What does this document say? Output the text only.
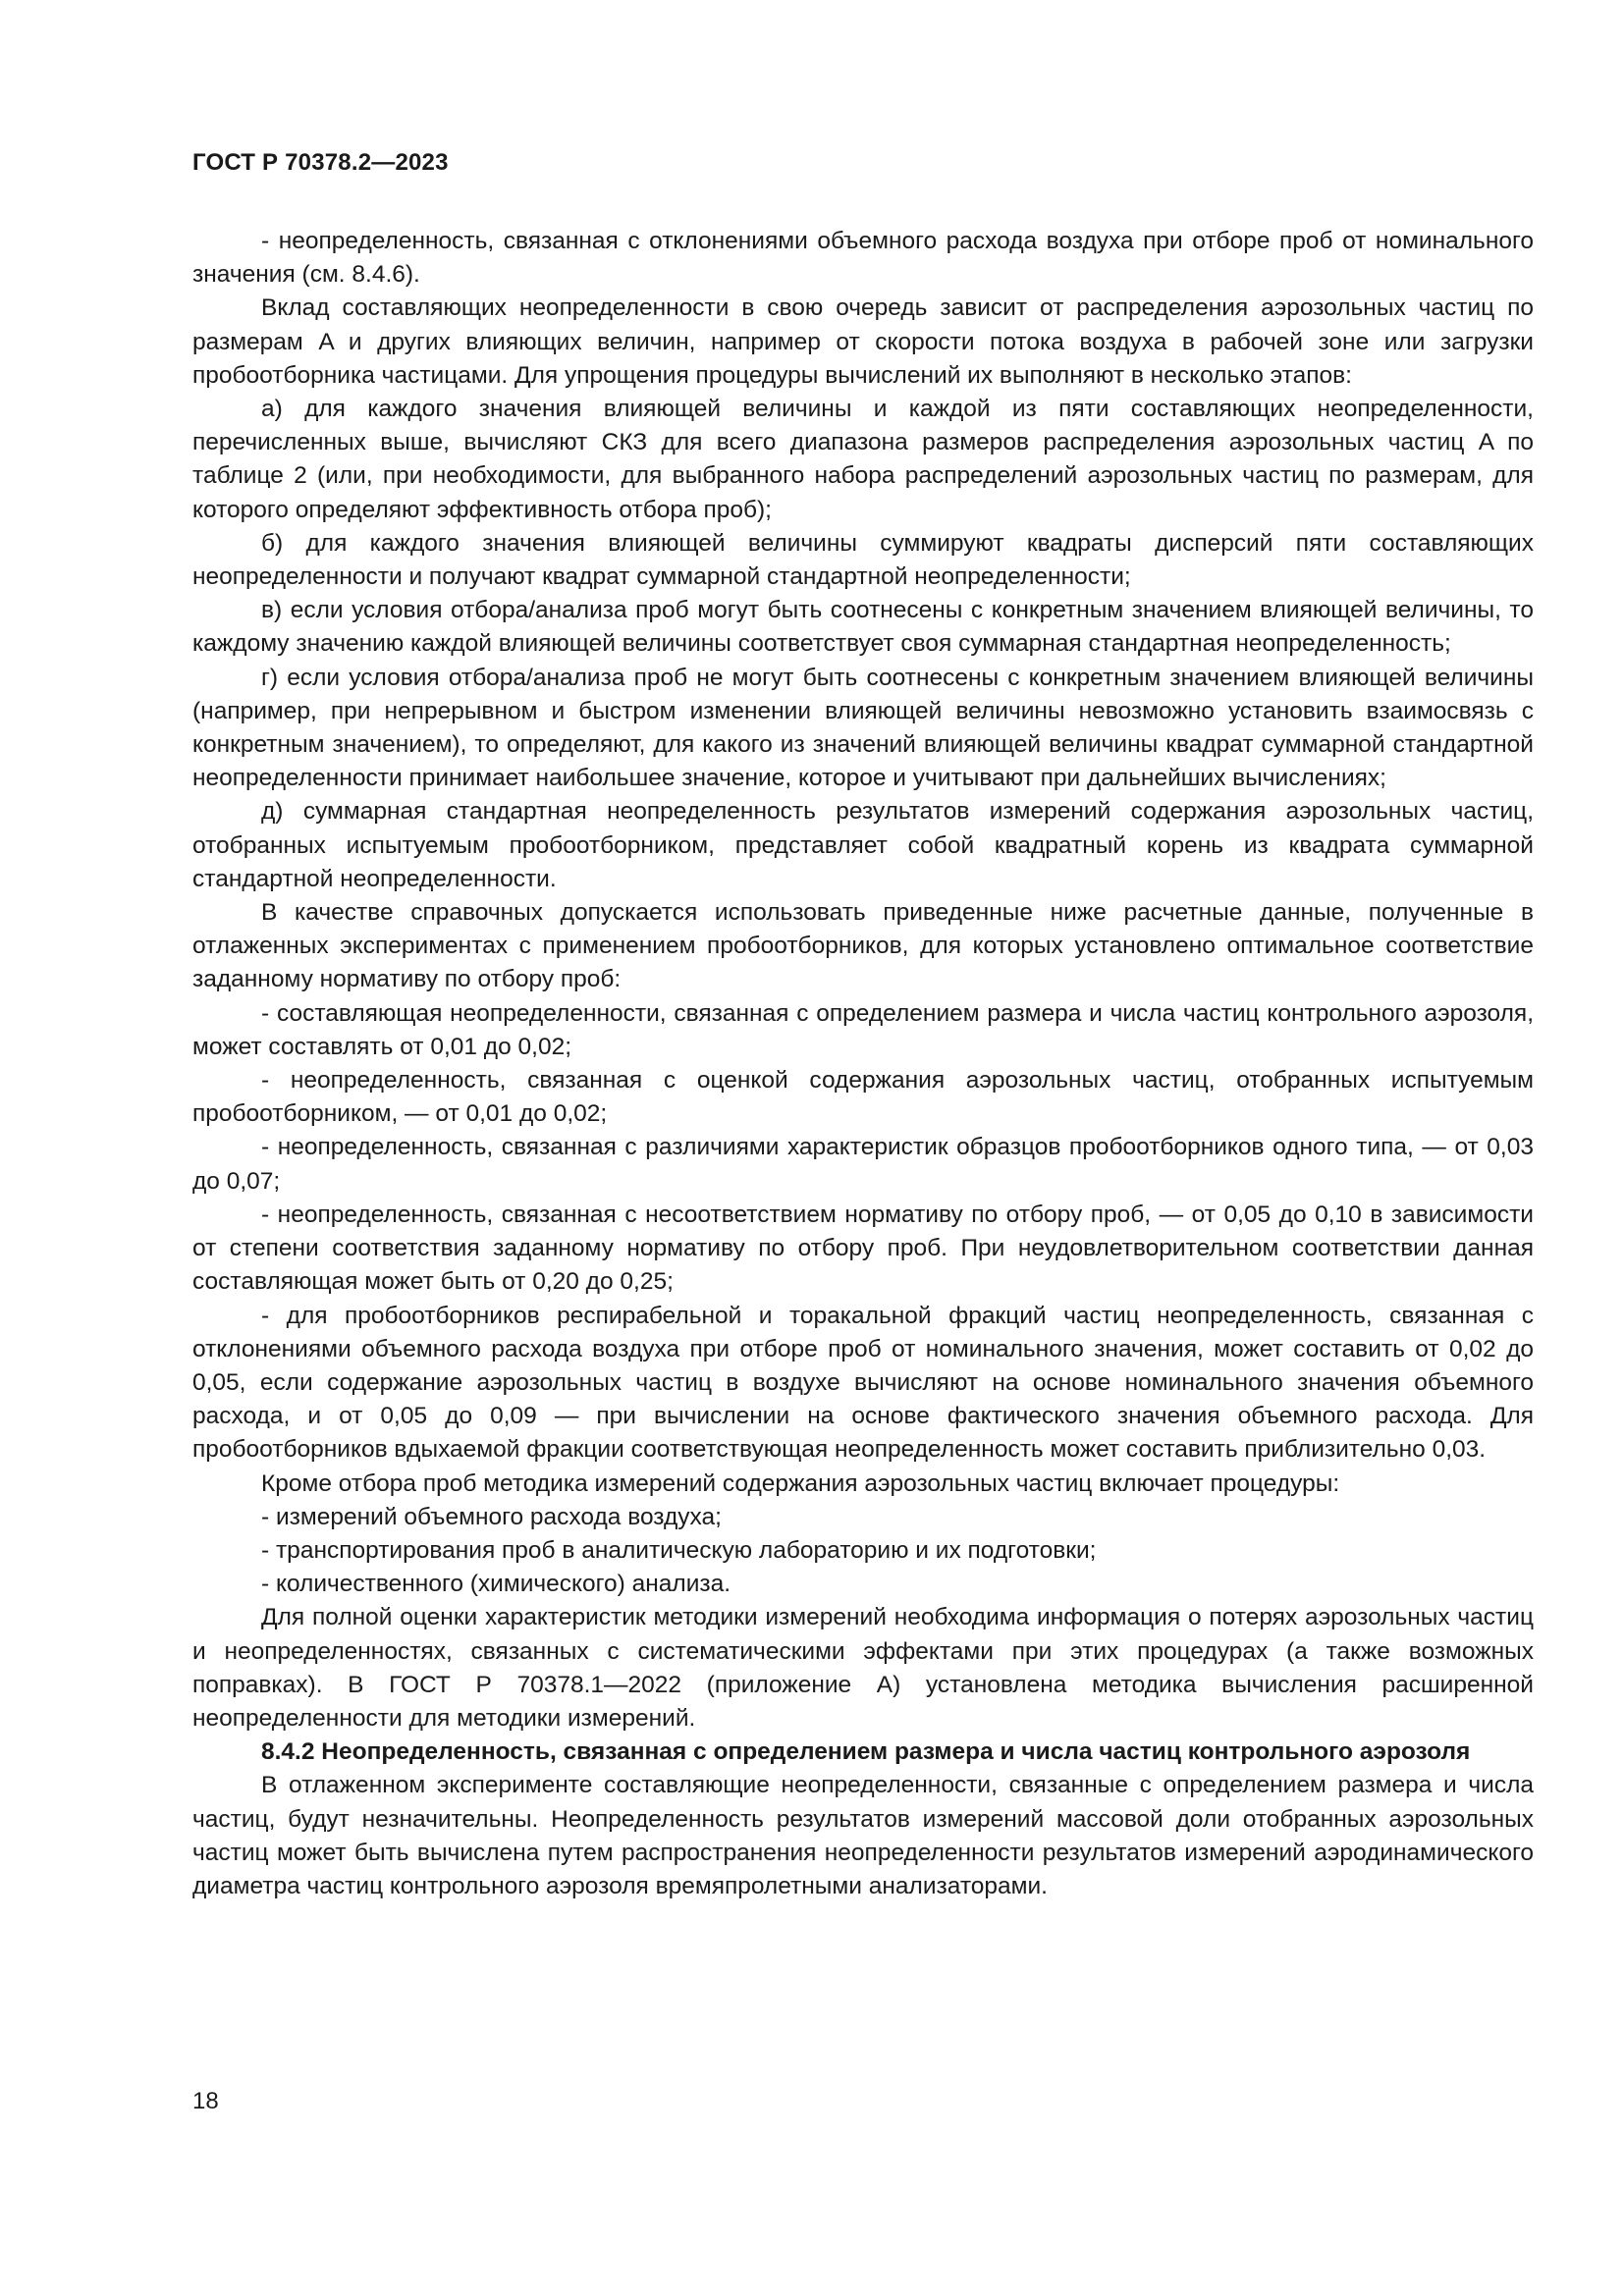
ГОСТ Р 70378.2—2023

- неопределенность, связанная с отклонениями объемного расхода воздуха при отборе проб от номинального значения (см. 8.4.6).

Вклад составляющих неопределенности в свою очередь зависит от распределения аэрозольных частиц по размерам A и других влияющих величин, например от скорости потока воздуха в рабочей зоне или загрузки пробоотборника частицами. Для упрощения процедуры вычислений их выполняют в несколько этапов:

а) для каждого значения влияющей величины и каждой из пяти составляющих неопределенности, перечисленных выше, вычисляют СКЗ для всего диапазона размеров распределения аэрозольных частиц A по таблице 2 (или, при необходимости, для выбранного набора распределений аэрозольных частиц по размерам, для которого определяют эффективность отбора проб);

б) для каждого значения влияющей величины суммируют квадраты дисперсий пяти составляющих неопределенности и получают квадрат суммарной стандартной неопределенности;

в) если условия отбора/анализа проб могут быть соотнесены с конкретным значением влияющей величины, то каждому значению каждой влияющей величины соответствует своя суммарная стандартная неопределенность;

г) если условия отбора/анализа проб не могут быть соотнесены с конкретным значением влияющей величины (например, при непрерывном и быстром изменении влияющей величины невозможно установить взаимосвязь с конкретным значением), то определяют, для какого из значений влияющей величины квадрат суммарной стандартной неопределенности принимает наибольшее значение, которое и учитывают при дальнейших вычислениях;

д) суммарная стандартная неопределенность результатов измерений содержания аэрозольных частиц, отобранных испытуемым пробоотборником, представляет собой квадратный корень из квадрата суммарной стандартной неопределенности.

В качестве справочных допускается использовать приведенные ниже расчетные данные, полученные в отлаженных экспериментах с применением пробоотборников, для которых установлено оптимальное соответствие заданному нормативу по отбору проб:

- составляющая неопределенности, связанная с определением размера и числа частиц контрольного аэрозоля, может составлять от 0,01 до 0,02;

- неопределенность, связанная с оценкой содержания аэрозольных частиц, отобранных испытуемым пробоотборником, — от 0,01 до 0,02;

- неопределенность, связанная с различиями характеристик образцов пробоотборников одного типа, — от 0,03 до 0,07;

- неопределенность, связанная с несоответствием нормативу по отбору проб, — от 0,05 до 0,10 в зависимости от степени соответствия заданному нормативу по отбору проб. При неудовлетворительном соответствии данная составляющая может быть от 0,20 до 0,25;

- для пробоотборников респирабельной и торакальной фракций частиц неопределенность, связанная с отклонениями объемного расхода воздуха при отборе проб от номинального значения, может составить от 0,02 до 0,05, если содержание аэрозольных частиц в воздухе вычисляют на основе номинального значения объемного расхода, и от 0,05 до 0,09 — при вычислении на основе фактического значения объемного расхода. Для пробоотборников вдыхаемой фракции соответствующая неопределенность может составить приблизительно 0,03.

Кроме отбора проб методика измерений содержания аэрозольных частиц включает процедуры:

- измерений объемного расхода воздуха;

- транспортирования проб в аналитическую лабораторию и их подготовки;

- количественного (химического) анализа.

Для полной оценки характеристик методики измерений необходима информация о потерях аэрозольных частиц и неопределенностях, связанных с систематическими эффектами при этих процедурах (а также возможных поправках). В ГОСТ Р 70378.1—2022 (приложение А) установлена методика вычисления расширенной неопределенности для методики измерений.

8.4.2 Неопределенность, связанная с определением размера и числа частиц контрольного аэрозоля

В отлаженном эксперименте составляющие неопределенности, связанные с определением размера и числа частиц, будут незначительны. Неопределенность результатов измерений массовой доли отобранных аэрозольных частиц может быть вычислена путем распространения неопределенности результатов измерений аэродинамического диаметра частиц контрольного аэрозоля времяпролетными анализаторами.

18
